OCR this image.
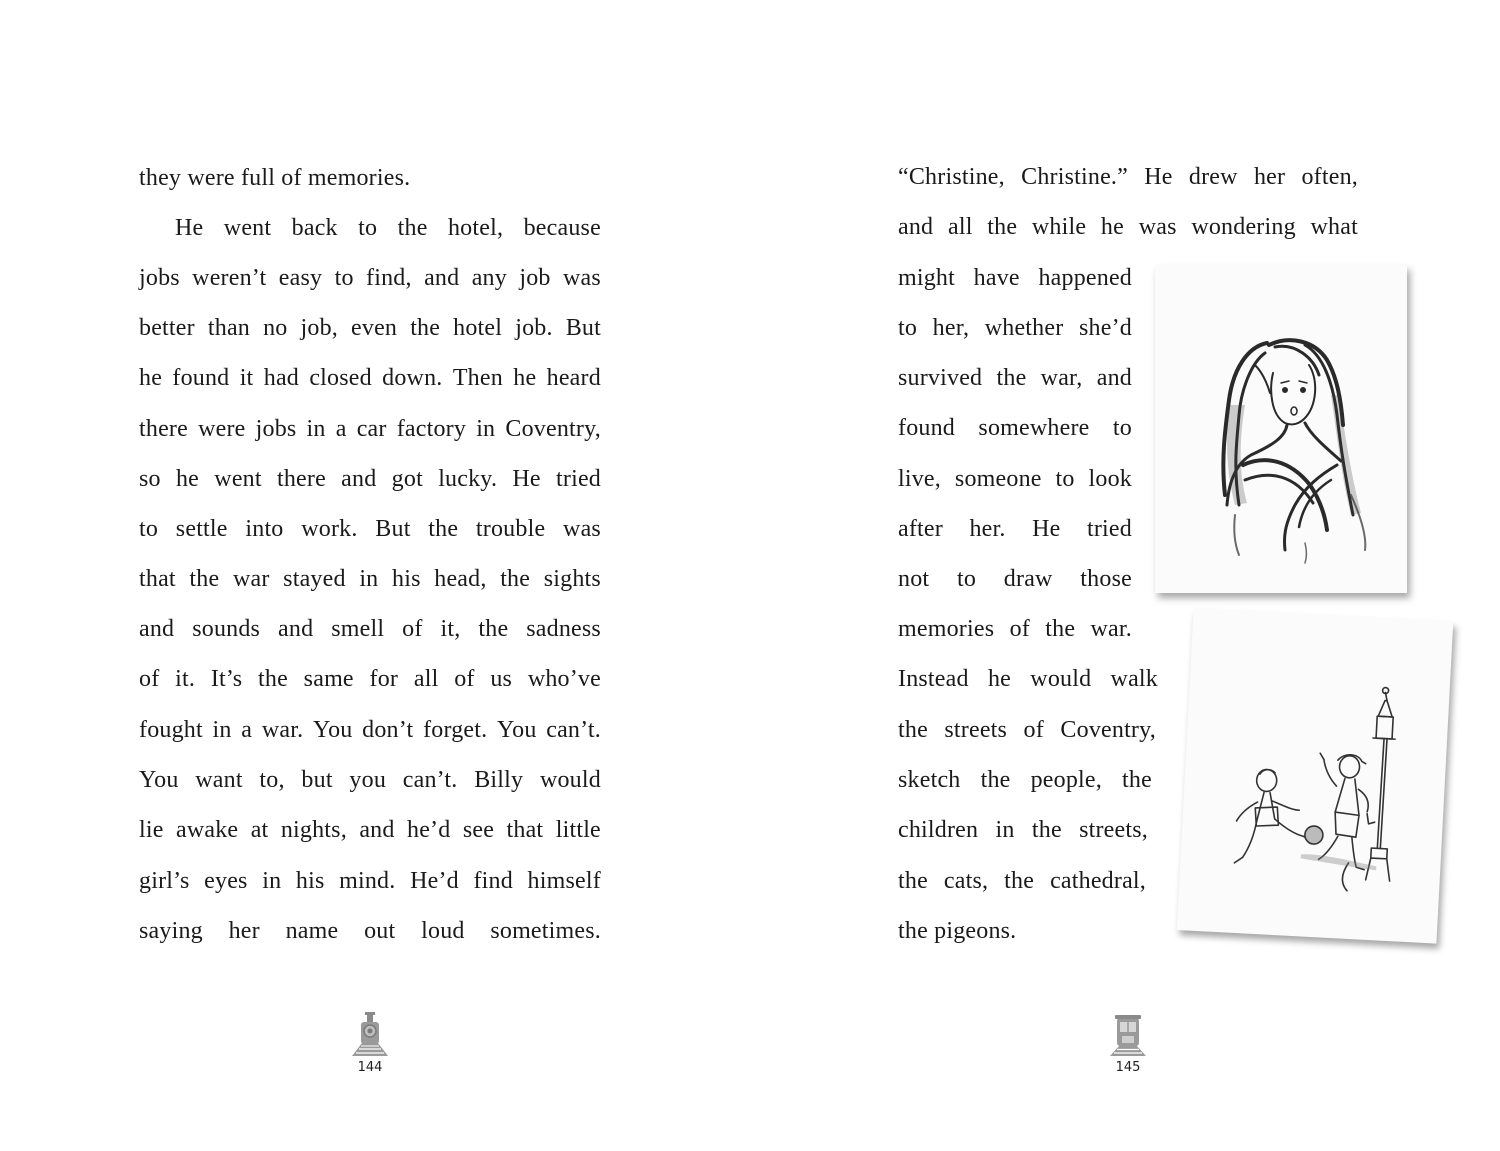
they were full of memories.
He went back to the hotel, because
jobs weren’t easy to find, and any job was
better than no job, even the hotel job. But
he found it had closed down. Then he heard
there were jobs in a car factory in Coventry,
so he went there and got lucky. He tried
to settle into work. But the trouble was
that the war stayed in his head, the sights
and sounds and smell of it, the sadness
of it. It’s the same for all of us who’ve
fought in a war. You don’t forget. You can’t.
You want to, but you can’t. Billy would
lie awake at nights, and he’d see that little
girl’s eyes in his mind. He’d find himself
saying her name out loud sometimes.
144
“Christine, Christine.” He drew her often,
and all the while he was wondering what
might have happened
to her, whether she’d
survived the war, and
found somewhere to
live, someone to look
after her. He tried
not to draw those
memories of the war.
Instead he would walk
the streets of Coventry,
sketch the people, the
children in the streets,
the cats, the cathedral,
the pigeons.
145
